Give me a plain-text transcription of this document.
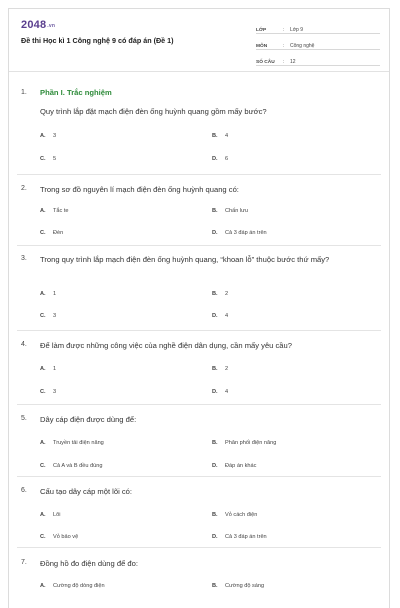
2048.vn
Đề thi Học kì 1 Công nghệ 9 có đáp án (Đề 1)
LỚP	:	Lớp 9
MÔN	:	Công nghệ
SỐ CÂU	:	12
1. Phần I. Trắc nghiệm
Quy trình lắp đặt mạch điện đèn ống huỳnh quang gồm mấy bước?
A. 3	B. 4
C. 5	D. 6
2. Trong sơ đồ nguyên lí mạch điện đèn ống huỳnh quang có:
A. Tắc te	B. Chấn lưu
C. Đèn	D. Cả 3 đáp án trên
3. Trong quy trình lắp mạch điện đèn ống huỳnh quang, “khoan lỗ” thuộc bước thứ mấy?
A. 1	B. 2
C. 3	D. 4
4. Để làm được những công việc của nghề điện dân dụng, cần mấy yêu cầu?
A. 1	B. 2
C. 3	D. 4
5. Dây cáp điện được dùng để:
A. Truyền tải điện năng	B. Phân phối điện năng
C. Cả A và B đều đúng	D. Đáp án khác
6. Cấu tạo dây cáp một lõi có:
A. Lõi	B. Vỏ cách điện
C. Vỏ bảo vệ	D. Cả 3 đáp án trên
7. Đồng hồ đo điện dùng để đo:
A. Cường độ dòng điện	B. Cường độ sáng
